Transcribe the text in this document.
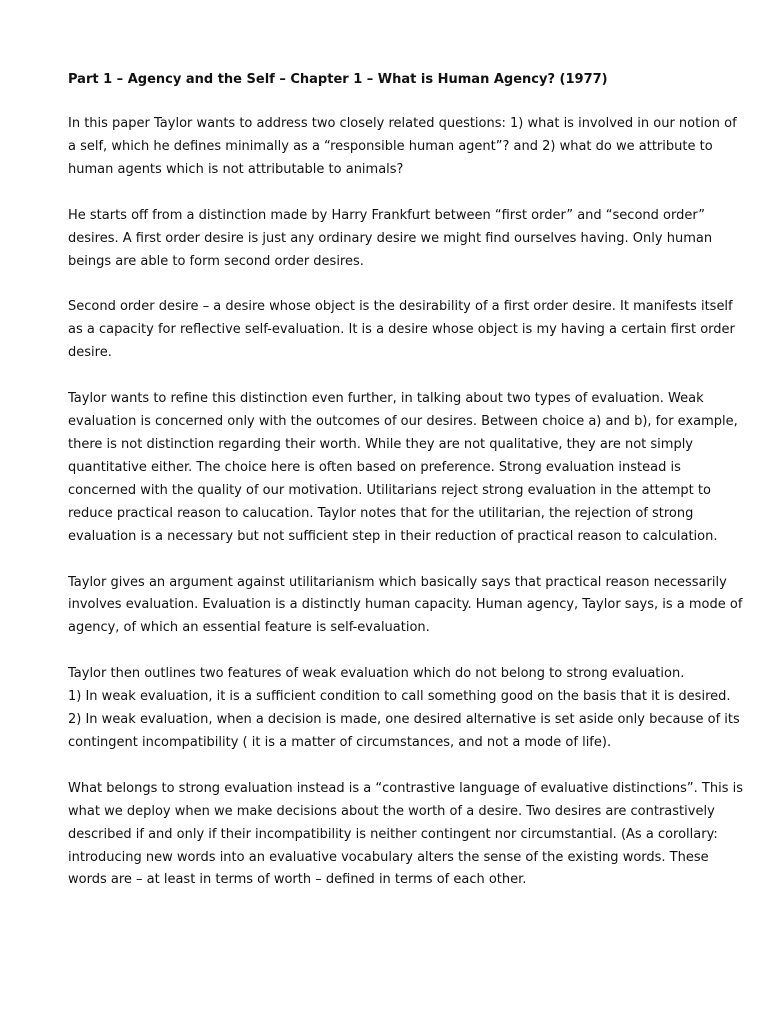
Part 1 – Agency and the Self – Chapter 1 – What is Human Agency? (1977)
In this paper Taylor wants to address two closely related questions: 1) what is involved in our notion of
a self, which he defines minimally as a “responsible human agent”? and 2) what do we attribute to
human agents which is not attributable to animals?
He starts off from a distinction made by Harry Frankfurt between “first order” and “second order”
desires. A first order desire is just any ordinary desire we might find ourselves having. Only human
beings are able to form second order desires.
Second order desire – a desire whose object is the desirability of a first order desire. It manifests itself
as a capacity for reflective self-evaluation. It is a desire whose object is my having a certain first order
desire.
Taylor wants to refine this distinction even further, in talking about two types of evaluation. Weak
evaluation is concerned only with the outcomes of our desires. Between choice a) and b), for example,
there is not distinction regarding their worth. While they are not qualitative, they are not simply
quantitative either. The choice here is often based on preference. Strong evaluation instead is
concerned with the quality of our motivation. Utilitarians reject strong evaluation in the attempt to
reduce practical reason to calucation. Taylor notes that for the utilitarian, the rejection of strong
evaluation is a necessary but not sufficient step in their reduction of practical reason to calculation.
Taylor gives an argument against utilitarianism which basically says that practical reason necessarily
involves evaluation. Evaluation is a distinctly human capacity. Human agency, Taylor says, is a mode of
agency, of which an essential feature is self-evaluation.
Taylor then outlines two features of weak evaluation which do not belong to strong evaluation.
1) In weak evaluation, it is a sufficient condition to call something good on the basis that it is desired.
2) In weak evaluation, when a decision is made, one desired alternative is set aside only because of its
contingent incompatibility ( it is a matter of circumstances, and not a mode of life).
What belongs to strong evaluation instead is a “contrastive language of evaluative distinctions”. This is
what we deploy when we make decisions about the worth of a desire. Two desires are contrastively
described if and only if their incompatibility is neither contingent nor circumstantial. (As a corollary:
introducing new words into an evaluative vocabulary alters the sense of the existing words. These
words are – at least in terms of worth – defined in terms of each other.
